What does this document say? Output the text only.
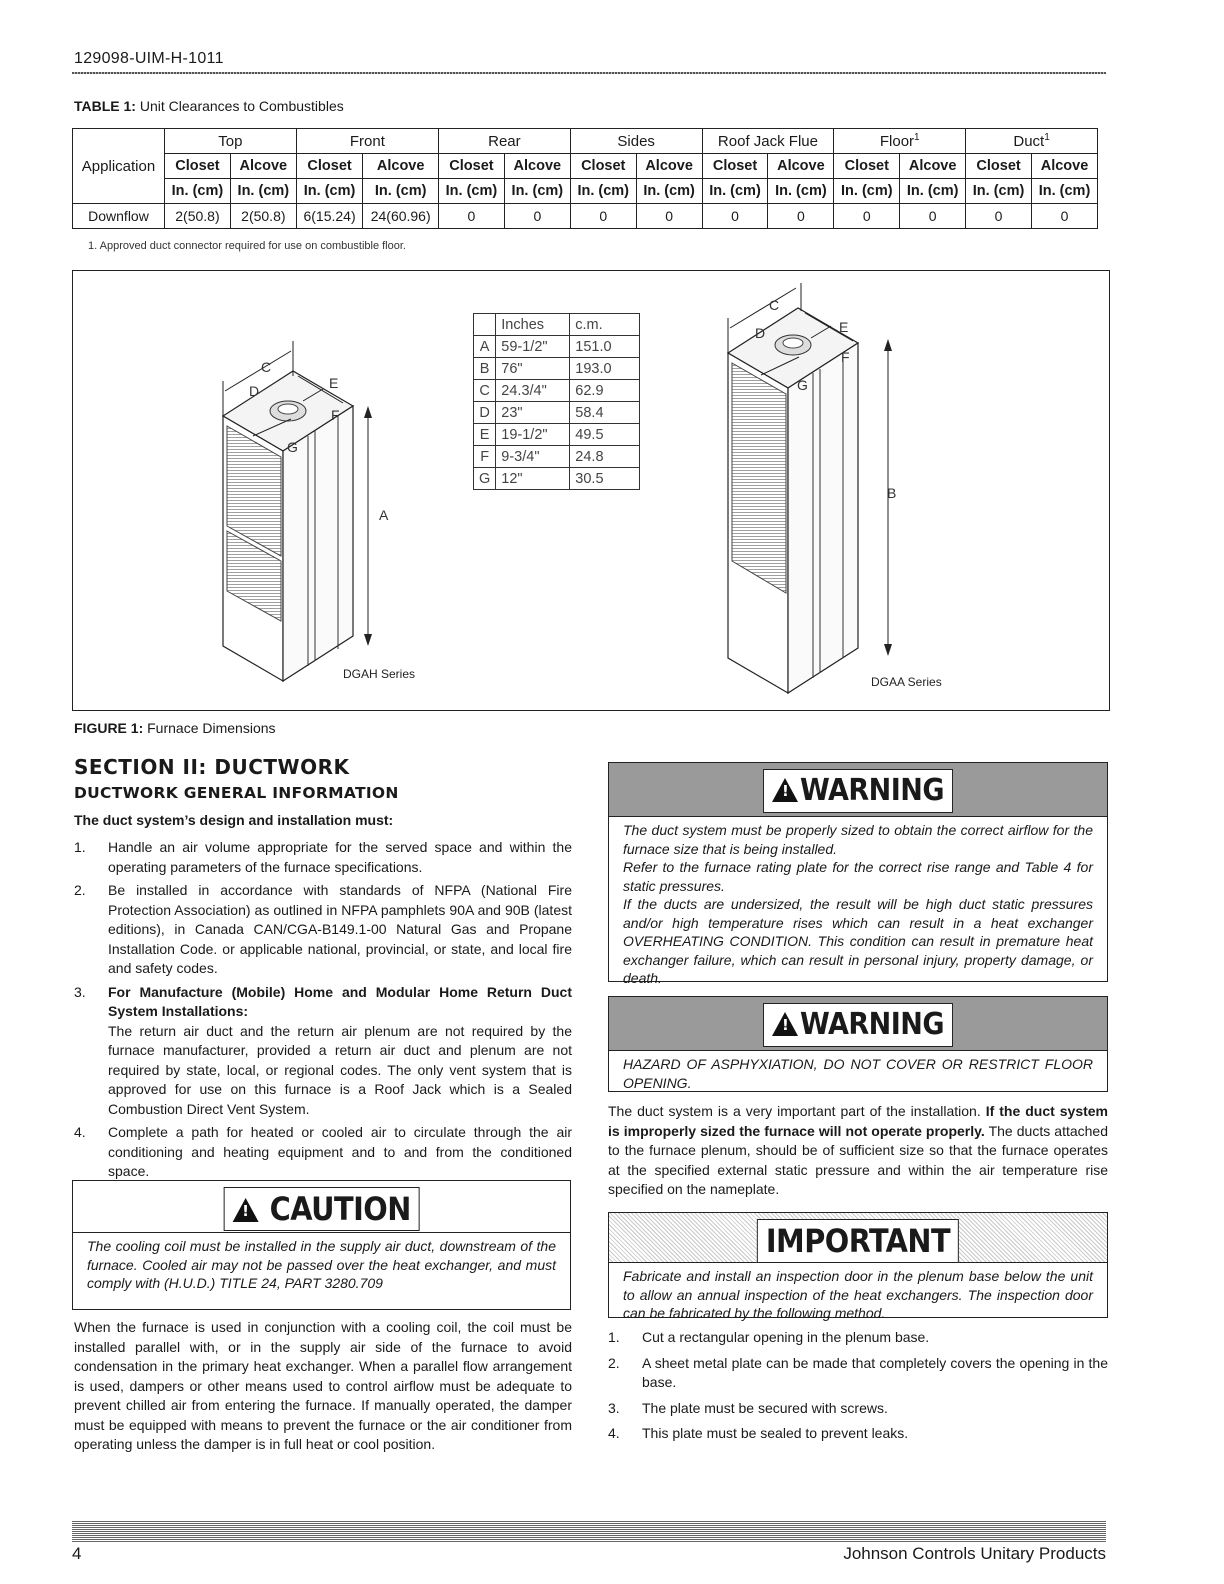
129098-UIM-H-1011
TABLE 1: Unit Clearances to Combustibles
Application	Top		Front		Rear		Sides		Roof Jack Flue		Floor$^1$		Duct$^1$
	Closet	Alcove	Closet	Alcove	Closet	Alcove	Closet	Alcove	Closet	Alcove	Closet	Alcove	Closet	Alcove
	In. (cm)	In. (cm)	In. (cm)	In. (cm)	In. (cm)	In. (cm)	In. (cm)	In. (cm)	In. (cm)	In. (cm)	In. (cm)	In. (cm)	In. (cm)	In. (cm)
Downflow	2(50.8)	2(50.8)	6(15.24)	24(60.96)	0	0	0	0	0	0	0	0	0	0
1. Approved duct connector required for use on combustible floor.
C
D	E
F
G
A
DGAH Series
	Inches	c.m.
A	59-1/2"	151.0
B	76"	193.0
C	24.3/4"	62.9
D	23"	58.4
E	19-1/2"	49.5
F	9-3/4"	24.8
G	12"	30.5
C
D	E
F
G
B
DGAA Series
FIGURE 1: Furnace Dimensions
SECTION II: DUCTWORK
DUCTWORK GENERAL INFORMATION
The duct system’s design and installation must:
1.	Handle an air volume appropriate for the served space and within the operating parameters of the furnace specifications.
2.	Be installed in accordance with standards of NFPA (National Fire Protection Association) as outlined in NFPA pamphlets 90A and 90B (latest editions), in Canada CAN/CGA-B149.1-00 Natural Gas and Propane Installation Code. or applicable national, provincial, or state, and local fire and safety codes.
3.	For Manufacture (Mobile) Home and Modular Home Return Duct System Installations:
The return air duct and the return air plenum are not required by the furnace manufacturer, provided a return air duct and plenum are not required by state, local, or regional codes. The only vent system that is approved for use on this furnace is a Roof Jack which is a Sealed Combustion Direct Vent System.
4.	Complete a path for heated or cooled air to circulate through the air conditioning and heating equipment and to and from the conditioned space.
! CAUTION
The cooling coil must be installed in the supply air duct, downstream of the furnace. Cooled air may not be passed over the heat exchanger, and must comply with (H.U.D.) TITLE 24, PART 3280.709
When the furnace is used in conjunction with a cooling coil, the coil must be installed parallel with, or in the supply air side of the furnace to avoid condensation in the primary heat exchanger. When a parallel flow arrangement is used, dampers or other means used to control airflow must be adequate to prevent chilled air from entering the furnace. If manually operated, the damper must be equipped with means to prevent the furnace or the air conditioner from operating unless the damper is in full heat or cool position.
!WARNING

The duct system must be properly sized to obtain the correct airflow for the furnace size that is being installed.

Refer to the furnace rating plate for the correct rise range and Table 4 for static pressures.

If the ducts are undersized, the result will be high duct static pressures and/or high temperature rises which can result in a heat exchanger OVERHEATING CONDITION. This condition can result in premature heat exchanger failure, which can result in personal injury, property damage, or death.

!WARNING
HAZARD OF ASPHYXIATION, DO NOT COVER OR RESTRICT FLOOR OPENING.
The duct system is a very important part of the installation. If the duct system is improperly sized the furnace will not operate properly. The ducts attached to the furnace plenum, should be of sufficient size so that the furnace operates at the specified external static pressure and within the air temperature rise specified on the nameplate.
IMPORTANT
Fabricate and install an inspection door in the plenum base below the unit to allow an annual inspection of the heat exchangers. The inspection door can be fabricated by the following method.
1.	Cut a rectangular opening in the plenum base.
2.	A sheet metal plate can be made that completely covers the opening in the base.
3.	The plate must be secured with screws.
4.	This plate must be sealed to prevent leaks.
4	Johnson Controls Unitary Products
